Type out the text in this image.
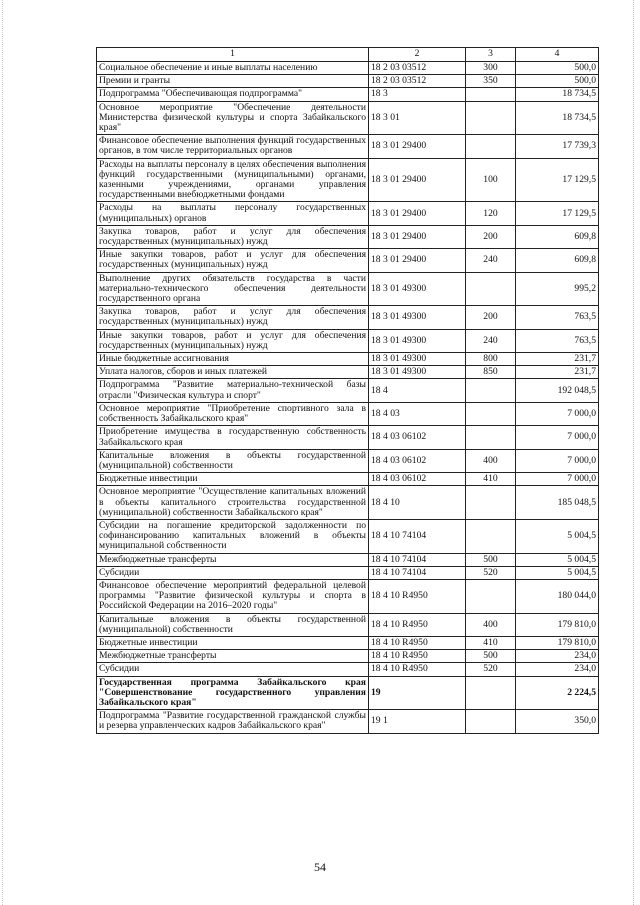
1	2	3	4
Социальное обеспечение и иные выплаты населению	18 2 03 03512	300	500,0
Премии и гранты	18 2 03 03512	350	500,0
Подпрограмма "Обеспечивающая подпрограмма"	18 3		18 734,5
Основное мероприятие "Обеспечение деятельности Министерства физической культуры и спорта Забайкальского края"	18 3 01		18 734,5
Финансовое обеспечение выполнения функций государственных органов, в том числе территориальных органов	18 3 01 29400		17 739,3
Расходы на выплаты персоналу в целях обеспечения выполнения функций государственными (муниципальными) органами, казенными учреждениями, органами управления государственными внебюджетными фондами	18 3 01 29400	100	17 129,5
Расходы на выплаты персоналу государственных (муниципальных) органов	18 3 01 29400	120	17 129,5
Закупка товаров, работ и услуг для обеспечения государственных (муниципальных) нужд	18 3 01 29400	200	609,8
Иные закупки товаров, работ и услуг для обеспечения государственных (муниципальных) нужд	18 3 01 29400	240	609,8
Выполнение других обязательств государства в части материально-технического обеспечения деятельности государственного органа	18 3 01 49300		995,2
Закупка товаров, работ и услуг для обеспечения государственных (муниципальных) нужд	18 3 01 49300	200	763,5
Иные закупки товаров, работ и услуг для обеспечения государственных (муниципальных) нужд	18 3 01 49300	240	763,5
Иные бюджетные ассигнования	18 3 01 49300	800	231,7
Уплата налогов, сборов и иных платежей	18 3 01 49300	850	231,7
Подпрограмма "Развитие материально-технической базы отрасли "Физическая культура и спорт"	18 4		192 048,5
Основное мероприятие "Приобретение спортивного зала в собственность Забайкальского края"	18 4 03		7 000,0
Приобретение имущества в государственную собственность Забайкальского края	18 4 03 06102		7 000,0
Капитальные вложения в объекты государственной (муниципальной) собственности	18 4 03 06102	400	7 000,0
Бюджетные инвестиции	18 4 03 06102	410	7 000,0
Основное мероприятие "Осуществление капитальных вложений в объекты капитального строительства государственной (муниципальной) собственности Забайкальского края"	18 4 10		185 048,5
Субсидии на погашение кредиторской задолженности по софинансированию капитальных вложений в объекты муниципальной собственности	18 4 10 74104		5 004,5
Межбюджетные трансферты	18 4 10 74104	500	5 004,5
Субсидии	18 4 10 74104	520	5 004,5
Финансовое обеспечение мероприятий федеральной целевой программы "Развитие физической культуры и спорта в Российской Федерации на 2016–2020 годы"	18 4 10 R4950		180 044,0
Капитальные вложения в объекты государственной (муниципальной) собственности	18 4 10 R4950	400	179 810,0
Бюджетные инвестиции	18 4 10 R4950	410	179 810,0
Межбюджетные трансферты	18 4 10 R4950	500	234,0
Субсидии	18 4 10 R4950	520	234,0
Государственная программа Забайкальского края "Совершенствование государственного управления Забайкальского края"	19		2 224,5
Подпрограмма "Развитие государственной гражданской службы и резерва управленческих кадров Забайкальского края"	19 1		350,0
54
